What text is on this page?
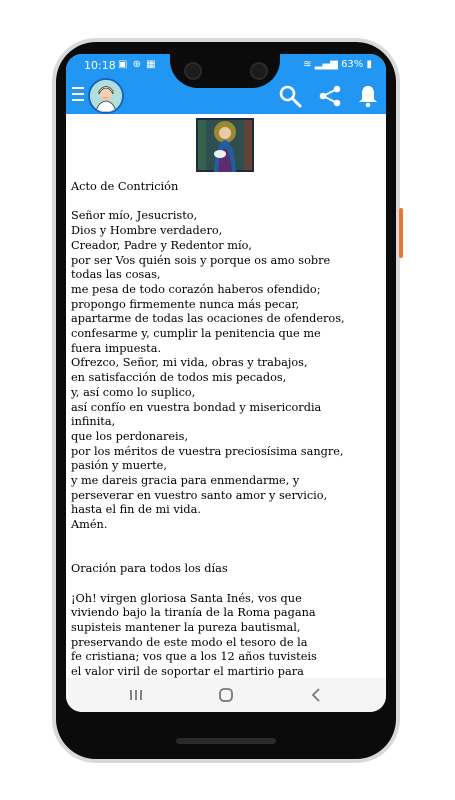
10:18 ▣ ⊕ ▦	≋ ▂▄▆ 63% ▮

Acto de Contrición

Señor mío, Jesucristo,

Dios y Hombre verdadero,

Creador, Padre y Redentor mío,

por ser Vos quién sois y porque os amo sobre

todas las cosas,

me pesa de todo corazón haberos ofendido;

propongo firmemente nunca más pecar,

apartarme de todas las ocaciones de ofenderos,

confesarme y, cumplir la penitencia que me

fuera impuesta.

Ofrezco, Señor, mi vida, obras y trabajos,

en satisfacción de todos mis pecados,

y, así como lo suplico,

así confío en vuestra bondad y misericordia

infinita,

que los perdonareis,

por los méritos de vuestra preciosísima sangre,

pasión y muerte,

y me dareis gracia para enmendarme, y

perseverar en vuestro santo amor y servicio,

hasta el fin de mi vida.

Amén.

Oración para todos los días

¡Oh! virgen gloriosa Santa Inés, vos que

viviendo bajo la tiranía de la Roma pagana

supisteis mantener la pureza bautismal,

preservando de este modo el tesoro de la

fe cristiana; vos que a los 12 años tuvisteis

el valor viril de soportar el martirio para
